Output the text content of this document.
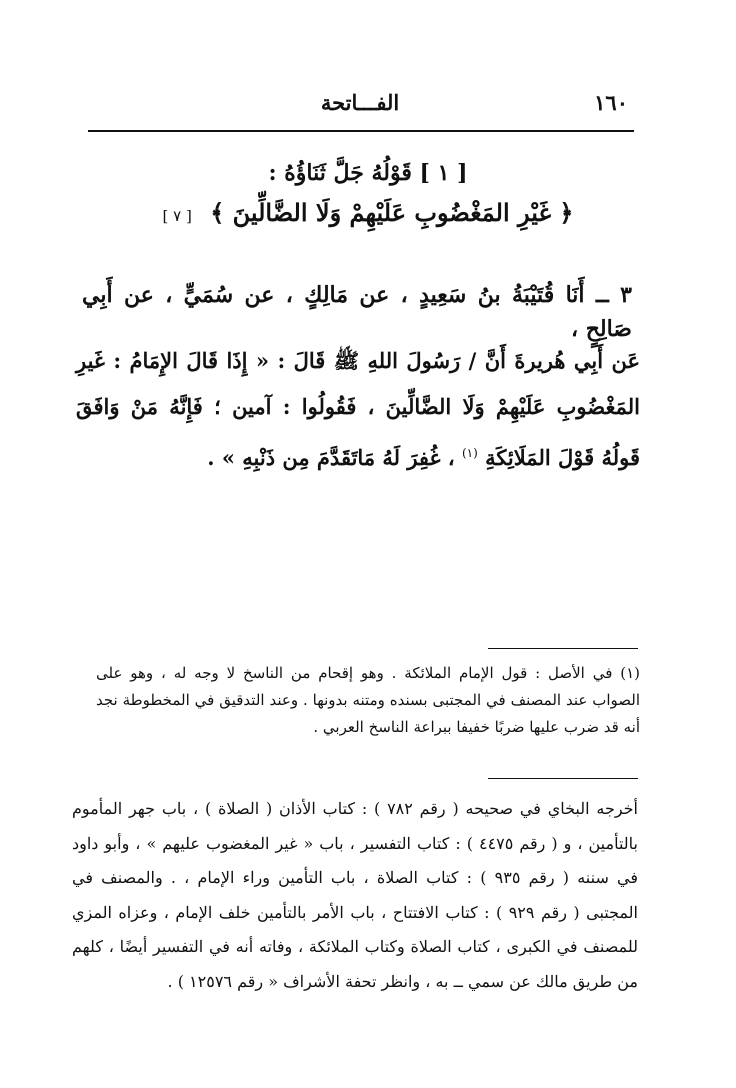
١٦٠
الفـــاتحة
[ ١ ] قَوْلُهُ جَلَّ ثَنَاؤُهُ :
﴿ غَيْرِ المَغْضُوبِ عَلَيْهِمْ وَلَا الضَّالِّينَ ﴾ [ ٧ ]
٣ ــ أَنَا قُتَيْبَةُ بنُ سَعِيدٍ ، عن مَالِكٍ ، عن سُمَيٍّ ، عن أَبِي صَالِحٍ ،
عَن أَبِي هُريرةَ أَنَّ / رَسُولَ اللهِ ﷺ قَالَ : « إِذَا قَالَ الإِمَامُ : غَيرِ المَغْضُوبِ عَلَيْهِمْ وَلَا الضَّالِّينَ ، فَقُولُوا : آمين ؛ فَإِنَّهُ مَنْ وَافَقَ قَولُهُ قَوْلَ المَلَائِكَةِ $^{(١)}$ ، غُفِرَ لَهُ مَاتَقَدَّمَ مِن ذَنْبِهِ » .
(١) في الأصل : قول الإمام الملائكة . وهو إقحام من الناسخ لا وجه له ، وهو على الصواب عند المصنف في المجتبى بسنده ومتنه بدونها . وعند التدقيق في المخطوطة نجد أنه قد ضرب عليها ضربًا خفيفا ببراعة الناسخ العربي .
أخرجه البخاي في صحيحه ( رقم ٧٨٢ ) : كتاب الأذان ( الصلاة ) ، باب جهر المأموم بالتأمين ، و ( رقم ٤٤٧٥ ) : كتاب التفسير ، باب « غير المغضوب عليهم » ، وأبو داود في سننه ( رقم ٩٣٥ ) : كتاب الصلاة ، باب التأمين وراء الإمام ، . والمصنف في المجتبى ( رقم ٩٢٩ ) : كتاب الافتتاح ، باب الأمر بالتأمين خلف الإمام ، وعزاه المزي للمصنف في الكبرى ، كتاب الصلاة وكتاب الملائكة ، وفاته أنه في التفسير أيضًا ، كلهم من طريق مالك عن سمي ــ به ، وانظر تحفة الأشراف « رقم ١٢٥٧٦ ) .
